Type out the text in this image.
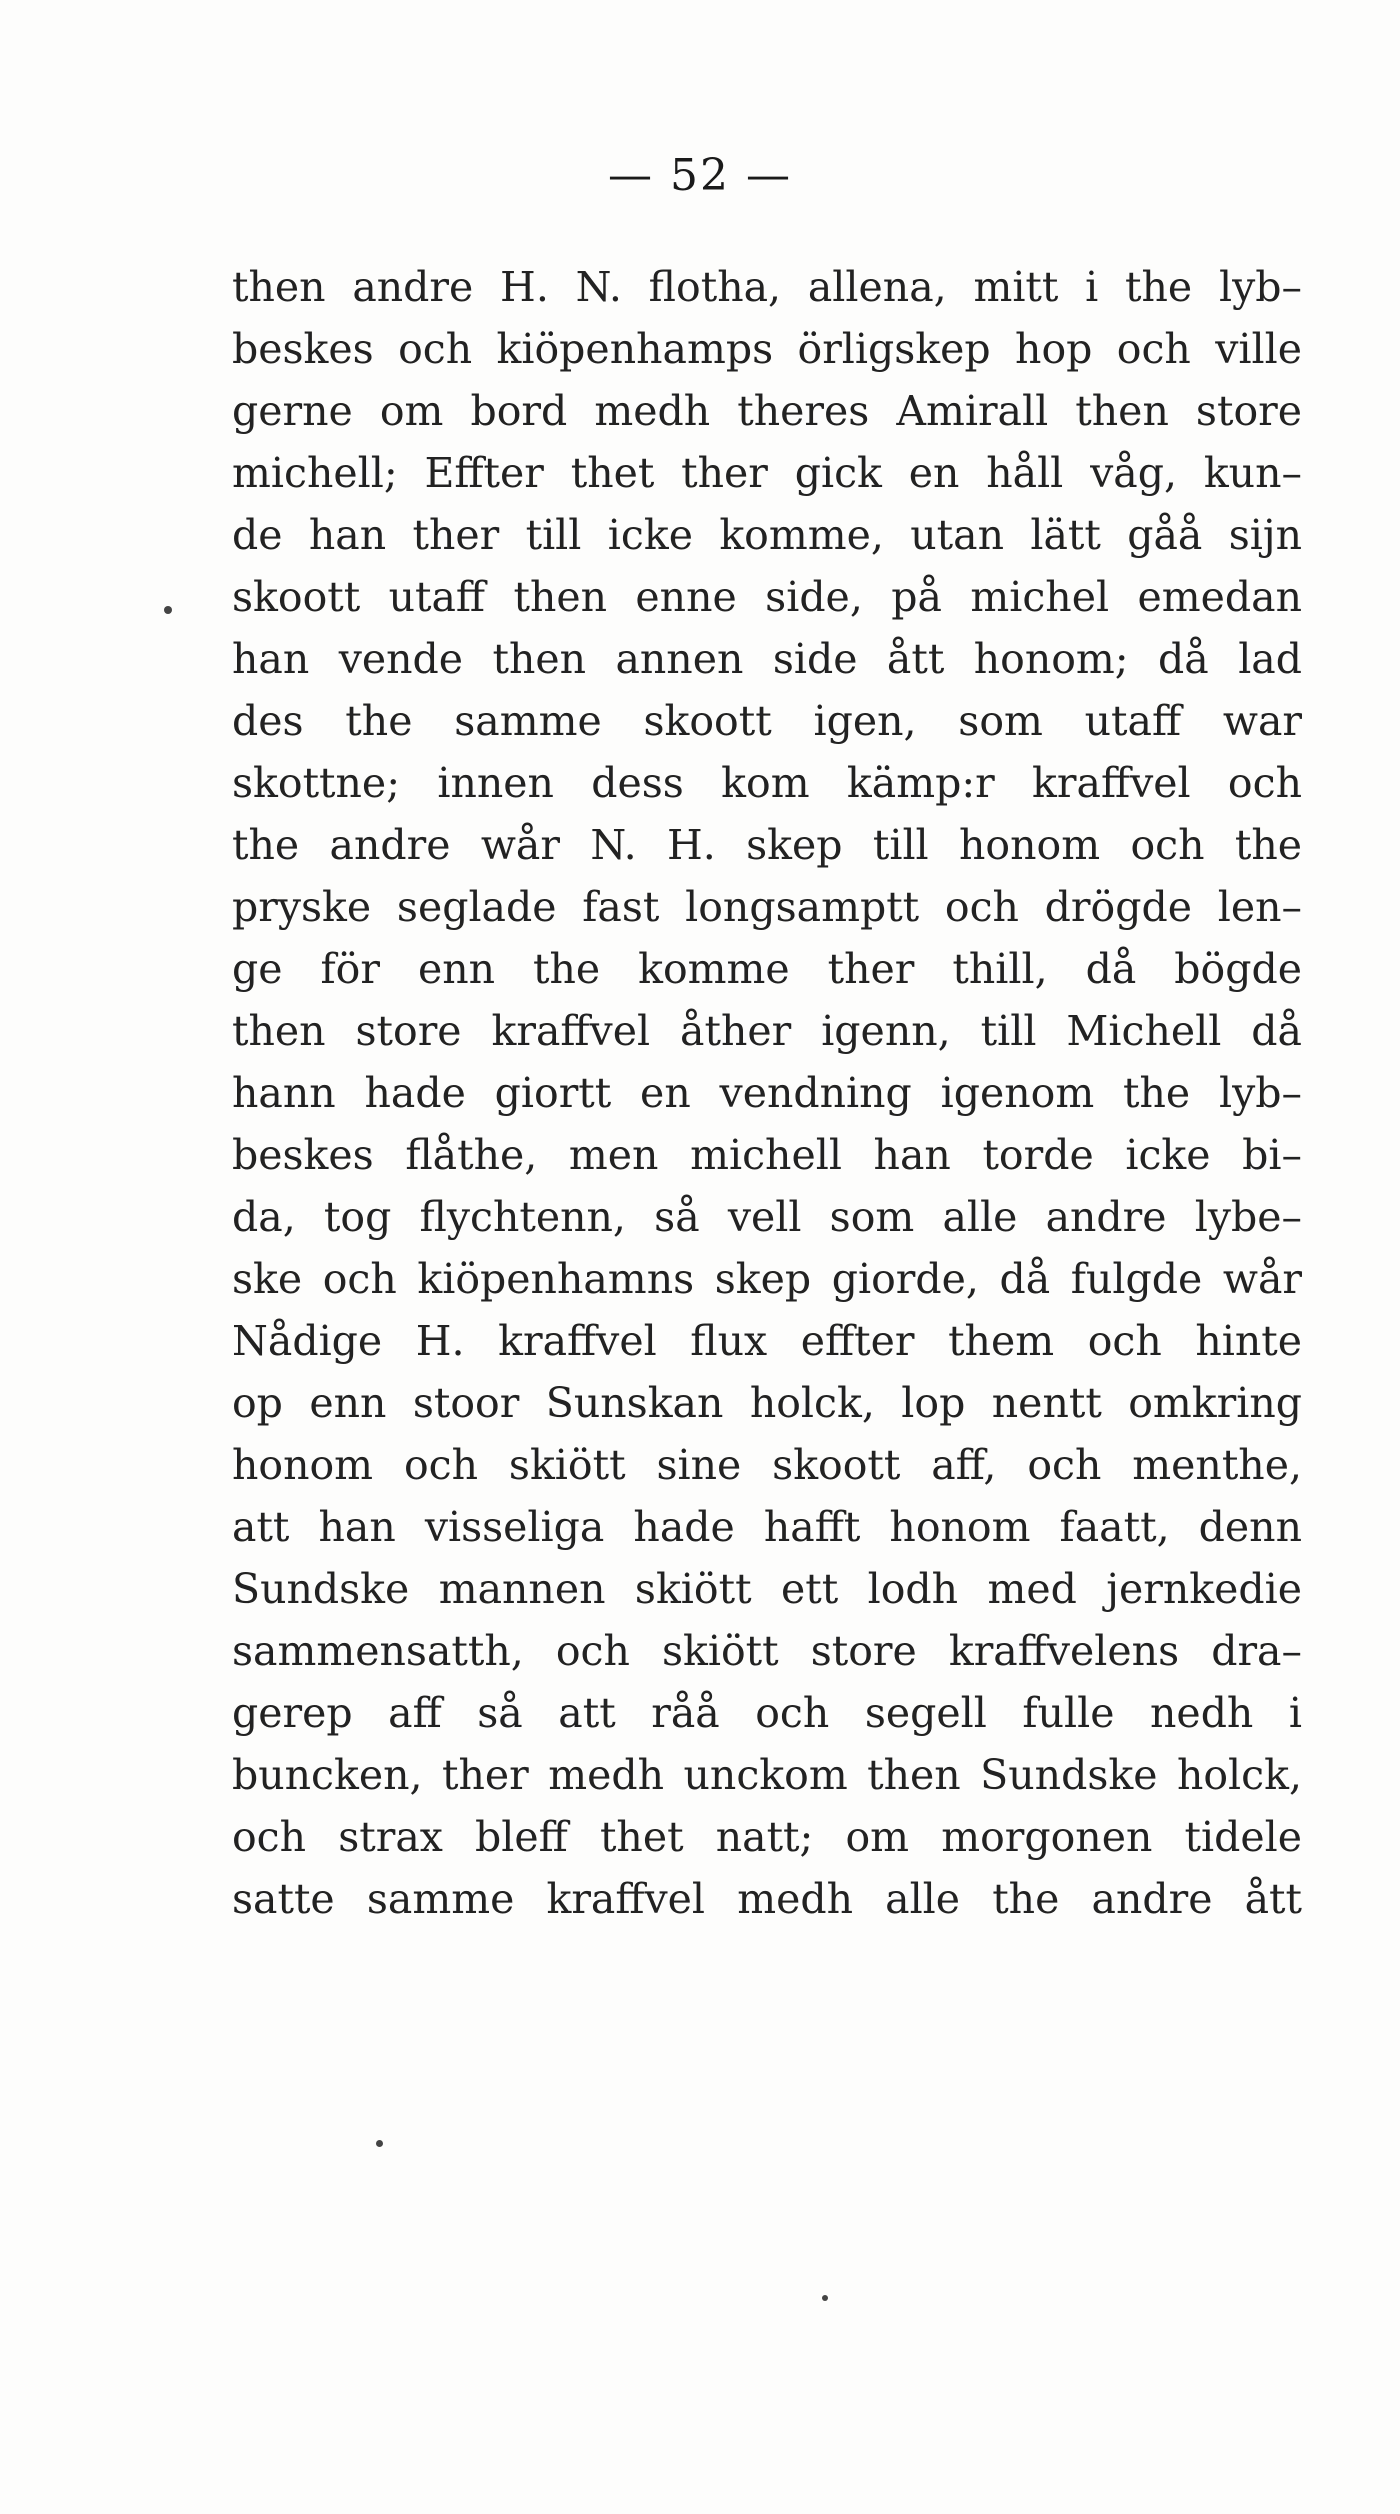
— 52 —
then andre H. N. flotha, allena, mitt i the lyb–
beskes och kiöpenhamps örligskep hop och ville
gerne om bord medh theres Amirall then store
michell; Effter thet ther gick en håll våg, kun–
de han ther till icke komme, utan lätt gåå sijn
skoott utaff then enne side, på michel emedan
han vende then annen side ått honom; då lad
des the samme skoott igen, som utaff war
skottne; innen dess kom kämp:r kraffvel och
the andre wår N. H. skep till honom och the
pryske seglade fast longsamptt och drögde len–
ge för enn the komme ther thill, då bögde
then store kraffvel åther igenn, till Michell då
hann hade giortt en vendning igenom the lyb–
beskes flåthe, men michell han torde icke bi–
da, tog flychtenn, så vell som alle andre lybe–
ske och kiöpenhamns skep giorde, då fulgde wår
Nådige H. kraffvel flux effter them och hinte
op enn stoor Sunskan holck, lop nentt omkring
honom och skiött sine skoott aff, och menthe,
att han visseliga hade hafft honom faatt, denn
Sundske mannen skiött ett lodh med jernkedie
sammensatth, och skiött store kraffvelens dra–
gerep aff så att råå och segell fulle nedh i
buncken, ther medh unckom then Sundske holck,
och strax bleff thet natt; om morgonen tidele
satte samme kraffvel medh alle the andre ått
